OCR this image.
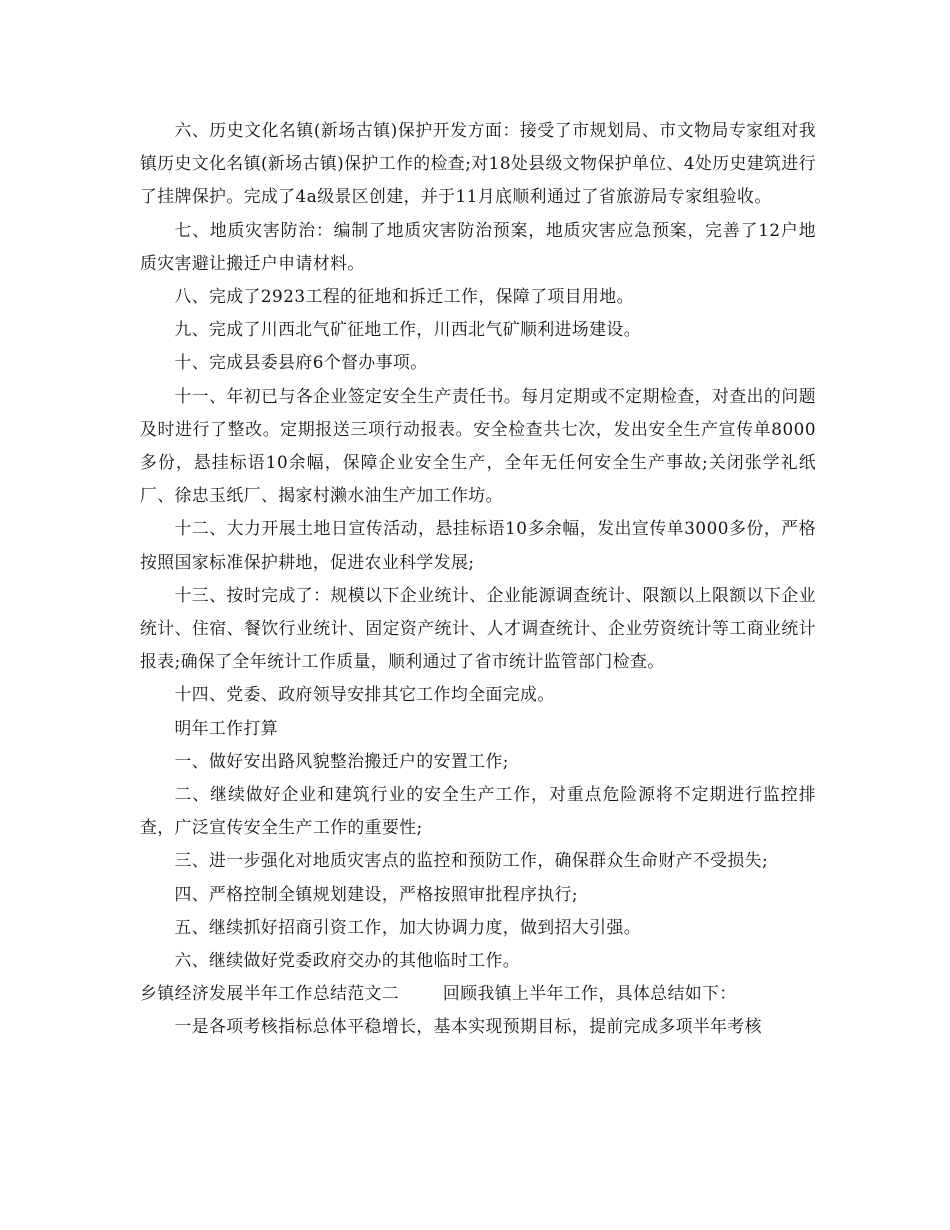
六、历史文化名镇(新场古镇)保护开发方面：接受了市规划局、市文物局专家组对我镇历史文化名镇(新场古镇)保护工作的检查;对18处县级文物保护单位、4处历史建筑进行了挂牌保护。完成了4a级景区创建，并于11月底顺利通过了省旅游局专家组验收。

七、地质灾害防治：编制了地质灾害防治预案，地质灾害应急预案，完善了12户地质灾害避让搬迁户申请材料。

八、完成了2923工程的征地和拆迁工作，保障了项目用地。

九、完成了川西北气矿征地工作，川西北气矿顺利进场建设。

十、完成县委县府6个督办事项。

十一、年初已与各企业签定安全生产责任书。每月定期或不定期检查，对查出的问题及时进行了整改。定期报送三项行动报表。安全检查共七次，发出安全生产宣传单8000多份，悬挂标语10余幅，保障企业安全生产，全年无任何安全生产事故;关闭张学礼纸厂、徐忠玉纸厂、揭家村濑水油生产加工作坊。

十二、大力开展土地日宣传活动，悬挂标语10多余幅，发出宣传单3000多份，严格按照国家标准保护耕地，促进农业科学发展;

十三、按时完成了：规模以下企业统计、企业能源调查统计、限额以上限额以下企业统计、住宿、餐饮行业统计、固定资产统计、人才调查统计、企业劳资统计等工商业统计报表;确保了全年统计工作质量，顺利通过了省市统计监管部门检查。

十四、党委、政府领导安排其它工作均全面完成。

明年工作打算

一、做好安出路风貌整治搬迁户的安置工作;

二、继续做好企业和建筑行业的安全生产工作，对重点危险源将不定期进行监控排查，广泛宣传安全生产工作的重要性;

三、进一步强化对地质灾害点的监控和预防工作，确保群众生命财产不受损失;

四、严格控制全镇规划建设，严格按照审批程序执行;

五、继续抓好招商引资工作，加大协调力度，做到招大引强。

六、继续做好党委政府交办的其他临时工作。

乡镇经济发展半年工作总结范文二	回顾我镇上半年工作，具体总结如下：

一是各项考核指标总体平稳增长，基本实现预期目标，提前完成多项半年考核
